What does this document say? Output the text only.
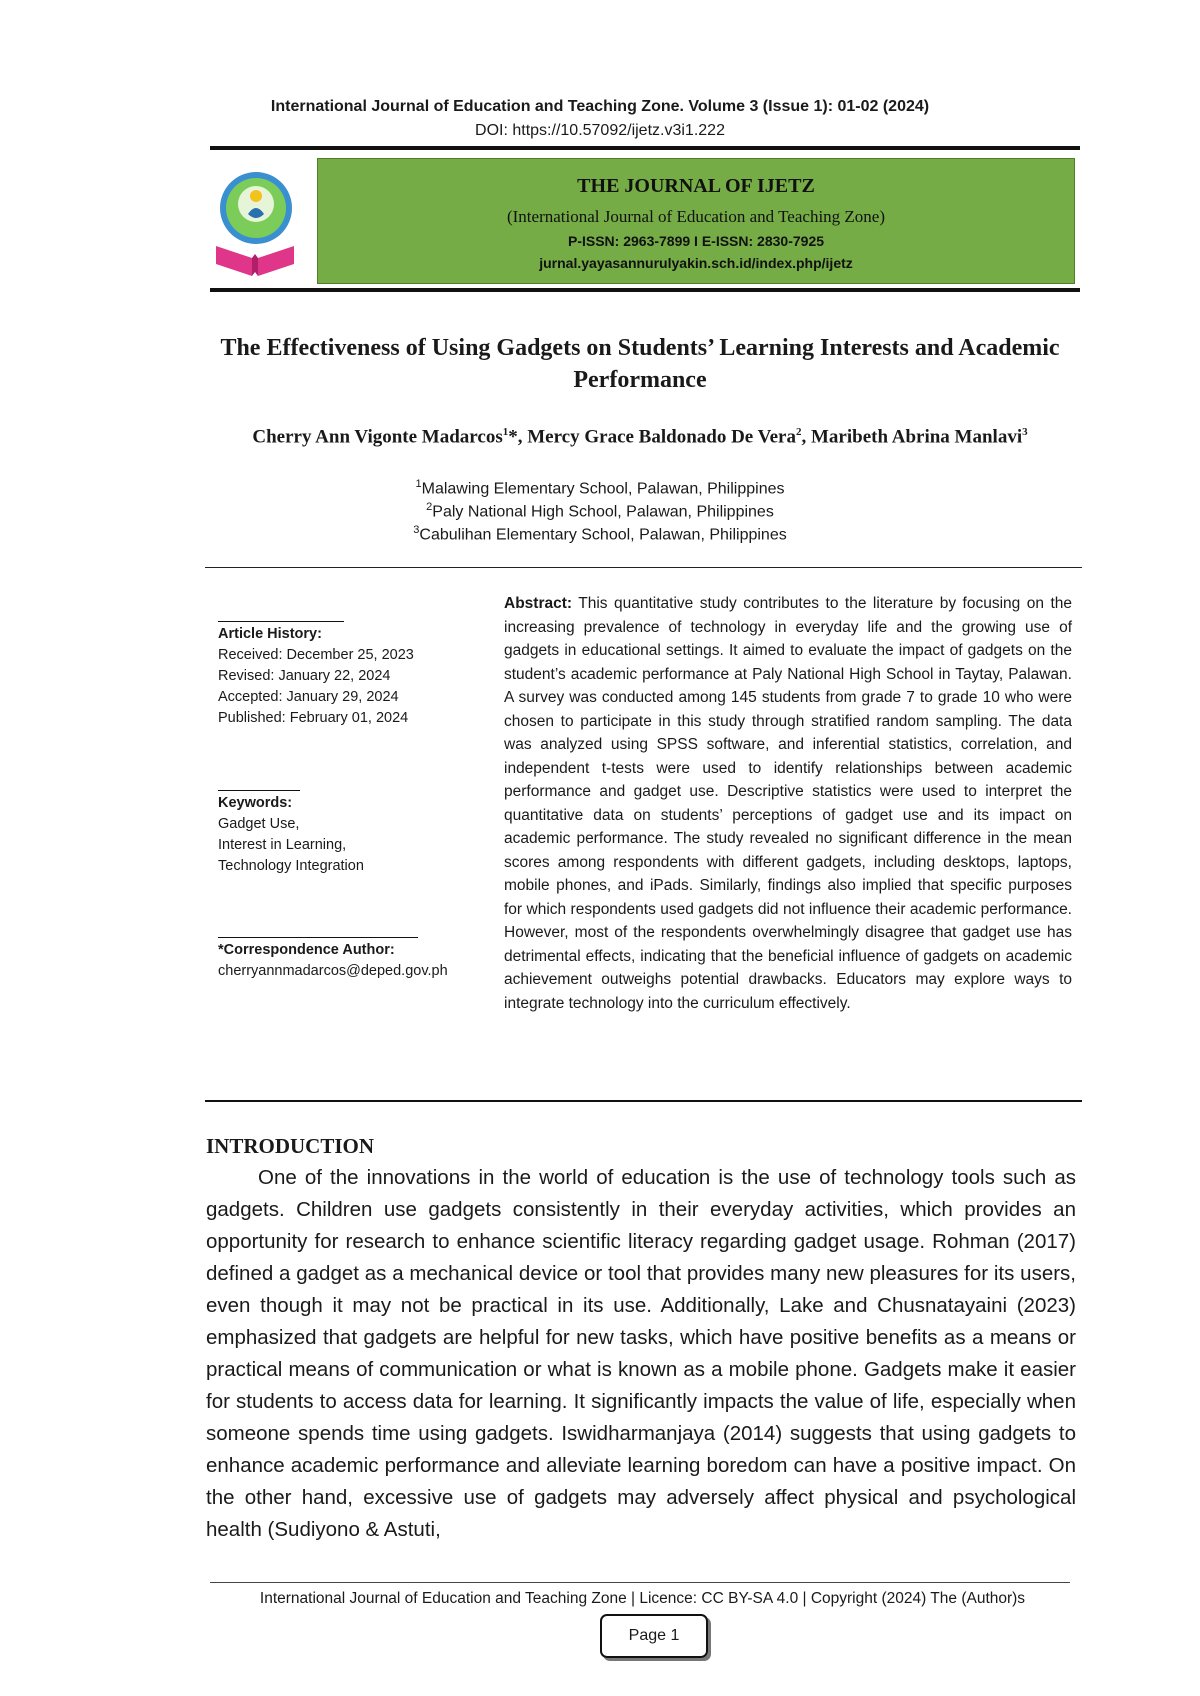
International Journal of Education and Teaching Zone. Volume 3 (Issue 1): 01-02 (2024)
DOI: https://10.57092/ijetz.v3i1.222
THE JOURNAL OF IJETZ
(International Journal of Education and Teaching Zone)
P-ISSN: 2963-7899 I E-ISSN: 2830-7925
jurnal.yayasannurulyakin.sch.id/index.php/ijetz
The Effectiveness of Using Gadgets on Students’ Learning Interests and Academic Performance
Cherry Ann Vigonte Madarcos$^1$*, Mercy Grace Baldonado De Vera$^2$, Maribeth Abrina Manlavi$^3$
$^1$Malawing Elementary School, Palawan, Philippines
$^2$Paly National High School, Palawan, Philippines
$^3$Cabulihan Elementary School, Palawan, Philippines
Article History:
Received: December 25, 2023
Revised: January 22, 2024
Accepted: January 29, 2024
Published: February 01, 2024
Keywords:
Gadget Use,
Interest in Learning,
Technology Integration
*Correspondence Author:
cherryannmadarcos@deped.gov.ph
Abstract: This quantitative study contributes to the literature by focusing on the increasing prevalence of technology in everyday life and the growing use of gadgets in educational settings. It aimed to evaluate the impact of gadgets on the student’s academic performance at Paly National High School in Taytay, Palawan. A survey was conducted among 145 students from grade 7 to grade 10 who were chosen to participate in this study through stratified random sampling. The data was analyzed using SPSS software, and inferential statistics, correlation, and independent t-tests were used to identify relationships between academic performance and gadget use. Descriptive statistics were used to interpret the quantitative data on students’ perceptions of gadget use and its impact on academic performance. The study revealed no significant difference in the mean scores among respondents with different gadgets, including desktops, laptops, mobile phones, and iPads. Similarly, findings also implied that specific purposes for which respondents used gadgets did not influence their academic performance. However, most of the respondents overwhelmingly disagree that gadget use has detrimental effects, indicating that the beneficial influence of gadgets on academic achievement outweighs potential drawbacks. Educators may explore ways to integrate technology into the curriculum effectively.
INTRODUCTION
One of the innovations in the world of education is the use of technology tools such as gadgets. Children use gadgets consistently in their everyday activities, which provides an opportunity for research to enhance scientific literacy regarding gadget usage. Rohman (2017) defined a gadget as a mechanical device or tool that provides many new pleasures for its users, even though it may not be practical in its use. Additionally, Lake and Chusnatayaini (2023) emphasized that gadgets are helpful for new tasks, which have positive benefits as a means or practical means of communication or what is known as a mobile phone. Gadgets make it easier for students to access data for learning. It significantly impacts the value of life, especially when someone spends time using gadgets. Iswidharmanjaya (2014) suggests that using gadgets to enhance academic performance and alleviate learning boredom can have a positive impact. On the other hand, excessive use of gadgets may adversely affect physical and psychological health (Sudiyono & Astuti,
International Journal of Education and Teaching Zone | Licence: CC BY-SA 4.0 | Copyright (2024) The (Author)s
Page 1
